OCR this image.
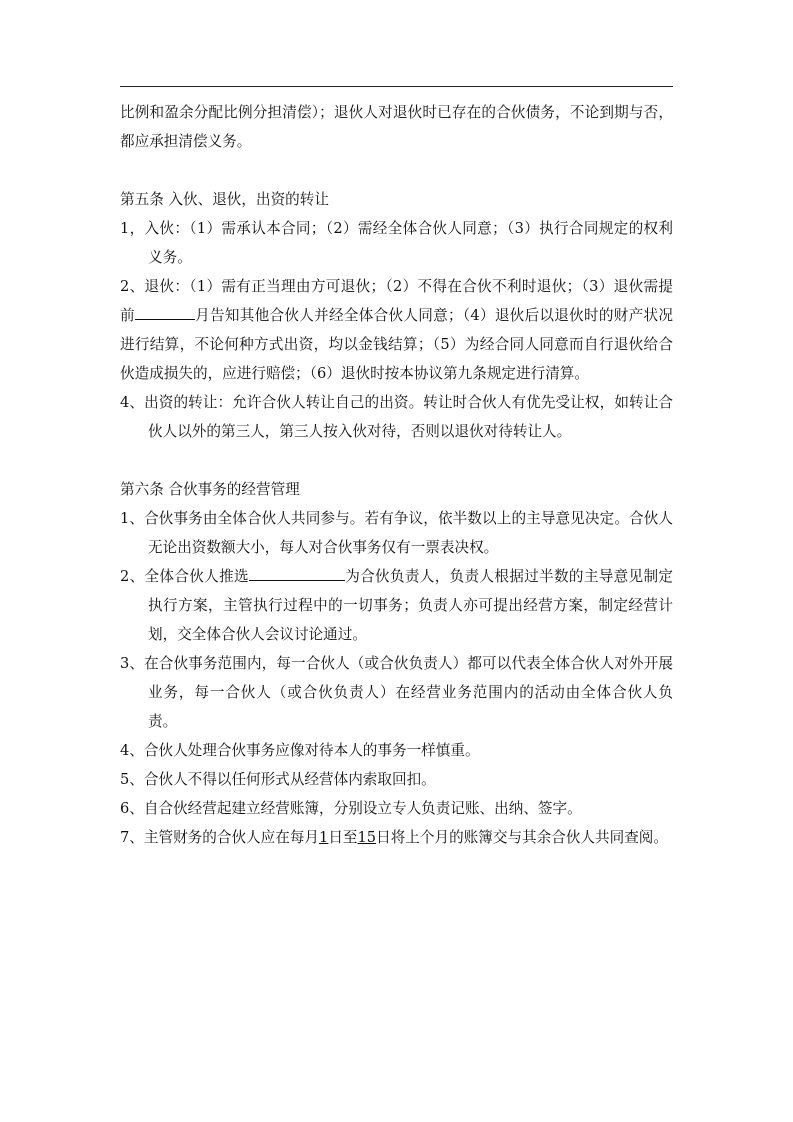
比例和盈余分配比例分担清偿）；退伙人对退伙时已存在的合伙债务，不论到期与否，都应承担清偿义务。

第五条 入伙、退伙，出资的转让

1，入伙：（1）需承认本合同；（2）需经全体合伙人同意；（3）执行合同规定的权利义务。

2、退伙：（1）需有正当理由方可退伙；（2）不得在合伙不利时退伙；（3）退伙需提前	月告知其他合伙人并经全体合伙人同意；（4）退伙后以退伙时的财产状况进行结算，不论何种方式出资，均以金钱结算；（5）为经合同人同意而自行退伙给合伙造成损失的，应进行赔偿；（6）退伙时按本协议第九条规定进行清算。

4、出资的转让：允许合伙人转让自己的出资。转让时合伙人有优先受让权，如转让合伙人以外的第三人，第三人按入伙对待，否则以退伙对待转让人。

第六条 合伙事务的经营管理

1、合伙事务由全体合伙人共同参与。若有争议，依半数以上的主导意见决定。合伙人无论出资数额大小，每人对合伙事务仅有一票表决权。

2、全体合伙人推选	为合伙负责人，负责人根据过半数的主导意见制定执行方案，主管执行过程中的一切事务；负责人亦可提出经营方案，制定经营计划，交全体合伙人会议讨论通过。

3、在合伙事务范围内，每一合伙人（或合伙负责人）都可以代表全体合伙人对外开展业务，每一合伙人（或合伙负责人）在经营业务范围内的活动由全体合伙人负责。

4、合伙人处理合伙事务应像对待本人的事务一样慎重。

5、合伙人不得以任何形式从经营体内索取回扣。

6、自合伙经营起建立经营账簿，分别设立专人负责记账、出纳、签字。

7、主管财务的合伙人应在每月1日至15日将上个月的账簿交与其余合伙人共同查阅。
